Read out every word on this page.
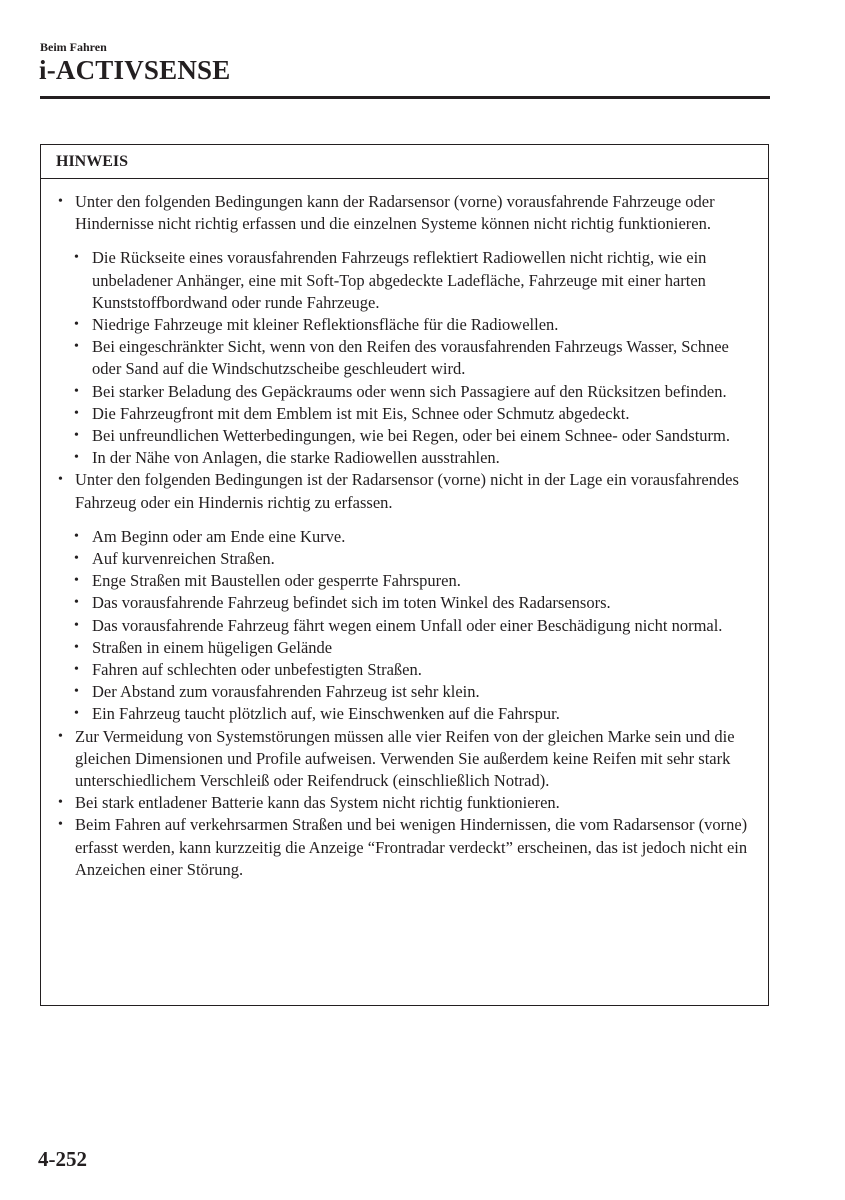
Beim Fahren
i-ACTIVSENSE
HINWEIS
• Unter den folgenden Bedingungen kann der Radarsensor (vorne) vorausfahrende Fahrzeuge oder Hindernisse nicht richtig erfassen und die einzelnen Systeme können nicht richtig funktionieren.
• Die Rückseite eines vorausfahrenden Fahrzeugs reflektiert Radiowellen nicht richtig, wie ein unbeladener Anhänger, eine mit Soft-Top abgedeckte Ladefläche, Fahrzeuge mit einer harten Kunststoffbordwand oder runde Fahrzeuge.
• Niedrige Fahrzeuge mit kleiner Reflektionsfläche für die Radiowellen.
• Bei eingeschränkter Sicht, wenn von den Reifen des vorausfahrenden Fahrzeugs Wasser, Schnee oder Sand auf die Windschutzscheibe geschleudert wird.
• Bei starker Beladung des Gepäckraums oder wenn sich Passagiere auf den Rücksitzen befinden.
• Die Fahrzeugfront mit dem Emblem ist mit Eis, Schnee oder Schmutz abgedeckt.
• Bei unfreundlichen Wetterbedingungen, wie bei Regen, oder bei einem Schnee- oder Sandsturm.
• In der Nähe von Anlagen, die starke Radiowellen ausstrahlen.
• Unter den folgenden Bedingungen ist der Radarsensor (vorne) nicht in der Lage ein vorausfahrendes Fahrzeug oder ein Hindernis richtig zu erfassen.
• Am Beginn oder am Ende eine Kurve.
• Auf kurvenreichen Straßen.
• Enge Straßen mit Baustellen oder gesperrte Fahrspuren.
• Das vorausfahrende Fahrzeug befindet sich im toten Winkel des Radarsensors.
• Das vorausfahrende Fahrzeug fährt wegen einem Unfall oder einer Beschädigung nicht normal.
• Straßen in einem hügeligen Gelände
• Fahren auf schlechten oder unbefestigten Straßen.
• Der Abstand zum vorausfahrenden Fahrzeug ist sehr klein.
• Ein Fahrzeug taucht plötzlich auf, wie Einschwenken auf die Fahrspur.
• Zur Vermeidung von Systemstörungen müssen alle vier Reifen von der gleichen Marke sein und die gleichen Dimensionen und Profile aufweisen. Verwenden Sie außerdem keine Reifen mit sehr stark unterschiedlichem Verschleiß oder Reifendruck (einschließlich Notrad).
• Bei stark entladener Batterie kann das System nicht richtig funktionieren.
• Beim Fahren auf verkehrsarmen Straßen und bei wenigen Hindernissen, die vom Radarsensor (vorne) erfasst werden, kann kurzzeitig die Anzeige “Frontradar verdeckt” erscheinen, das ist jedoch nicht ein Anzeichen einer Störung.
4-252
